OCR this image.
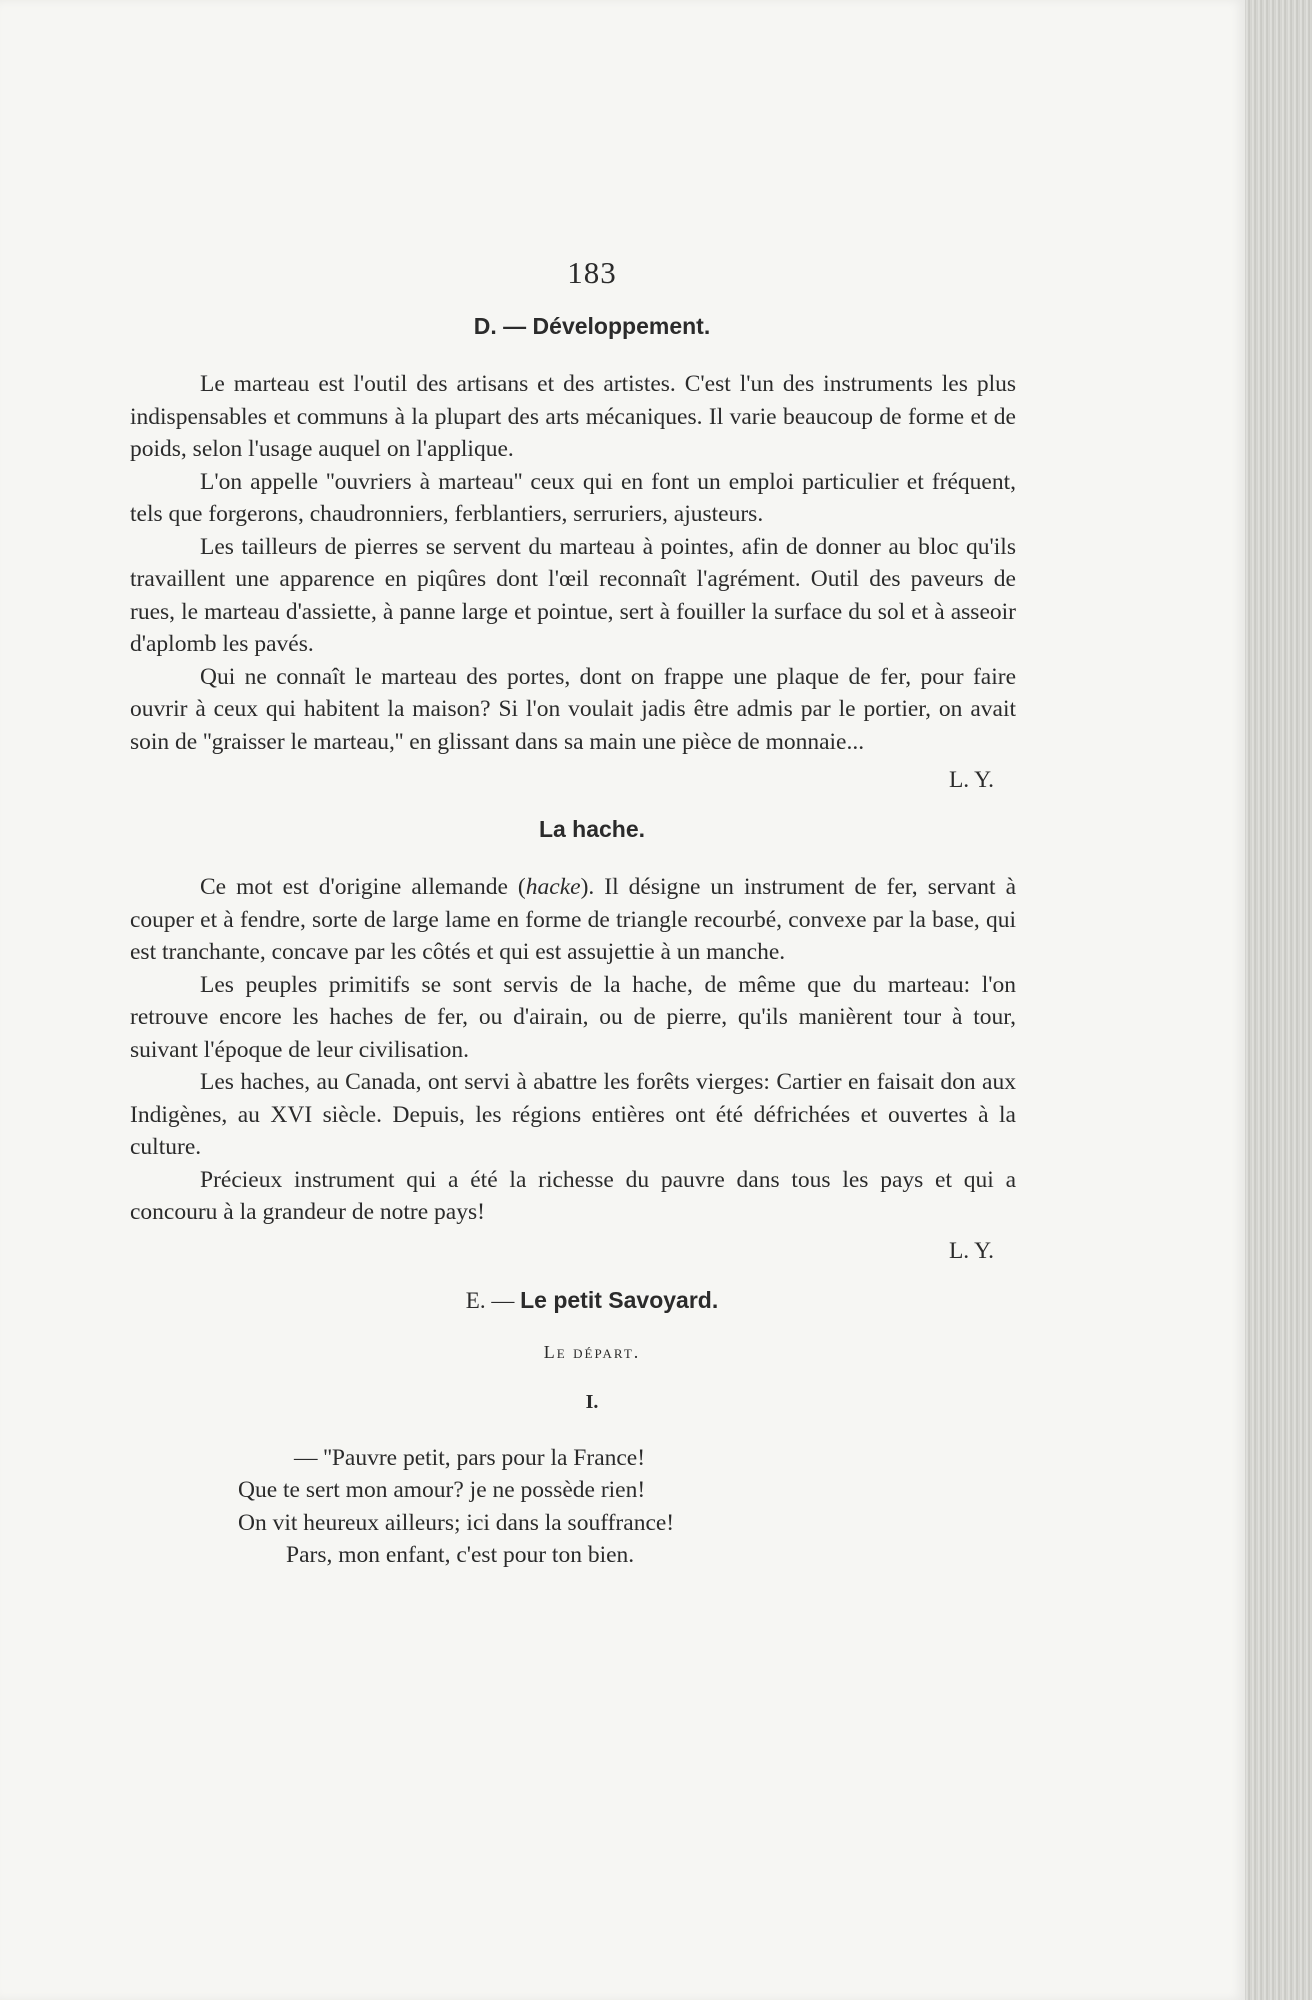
183
D. — Développement.

Le marteau est l'outil des artisans et des artistes. C'est l'un des instruments les plus indispensables et communs à la plupart des arts mécaniques. Il varie beaucoup de forme et de poids, selon l'usage auquel on l'applique.

L'on appelle ''ouvriers à marteau'' ceux qui en font un emploi particulier et fréquent, tels que forgerons, chaudronniers, ferblantiers, serruriers, ajusteurs.

Les tailleurs de pierres se servent du marteau à pointes, afin de donner au bloc qu'ils travaillent une apparence en piqûres dont l'œil reconnaît l'agrément. Outil des paveurs de rues, le marteau d'assiette, à panne large et pointue, sert à fouiller la surface du sol et à asseoir d'aplomb les pavés.

Qui ne connaît le marteau des portes, dont on frappe une plaque de fer, pour faire ouvrir à ceux qui habitent la maison? Si l'on voulait jadis être admis par le portier, on avait soin de ''graisser le marteau,'' en glissant dans sa main une pièce de monnaie...

L. Y.
La hache.

Ce mot est d'origine allemande (hacke). Il désigne un instrument de fer, servant à couper et à fendre, sorte de large lame en forme de triangle recourbé, convexe par la base, qui est tranchante, concave par les côtés et qui est assujettie à un manche.

Les peuples primitifs se sont servis de la hache, de même que du marteau: l'on retrouve encore les haches de fer, ou d'airain, ou de pierre, qu'ils manièrent tour à tour, suivant l'époque de leur civilisation.

Les haches, au Canada, ont servi à abattre les forêts vierges: Cartier en faisait don aux Indigènes, au XVI siècle. Depuis, les régions entières ont été défrichées et ouvertes à la culture.

Précieux instrument qui a été la richesse du pauvre dans tous les pays et qui a concouru à la grandeur de notre pays!

L. Y.
E. — Le petit Savoyard.
Le départ.
I.
— ''Pauvre petit, pars pour la France!
Que te sert mon amour? je ne possède rien!
On vit heureux ailleurs; ici dans la souffrance!
Pars, mon enfant, c'est pour ton bien.
